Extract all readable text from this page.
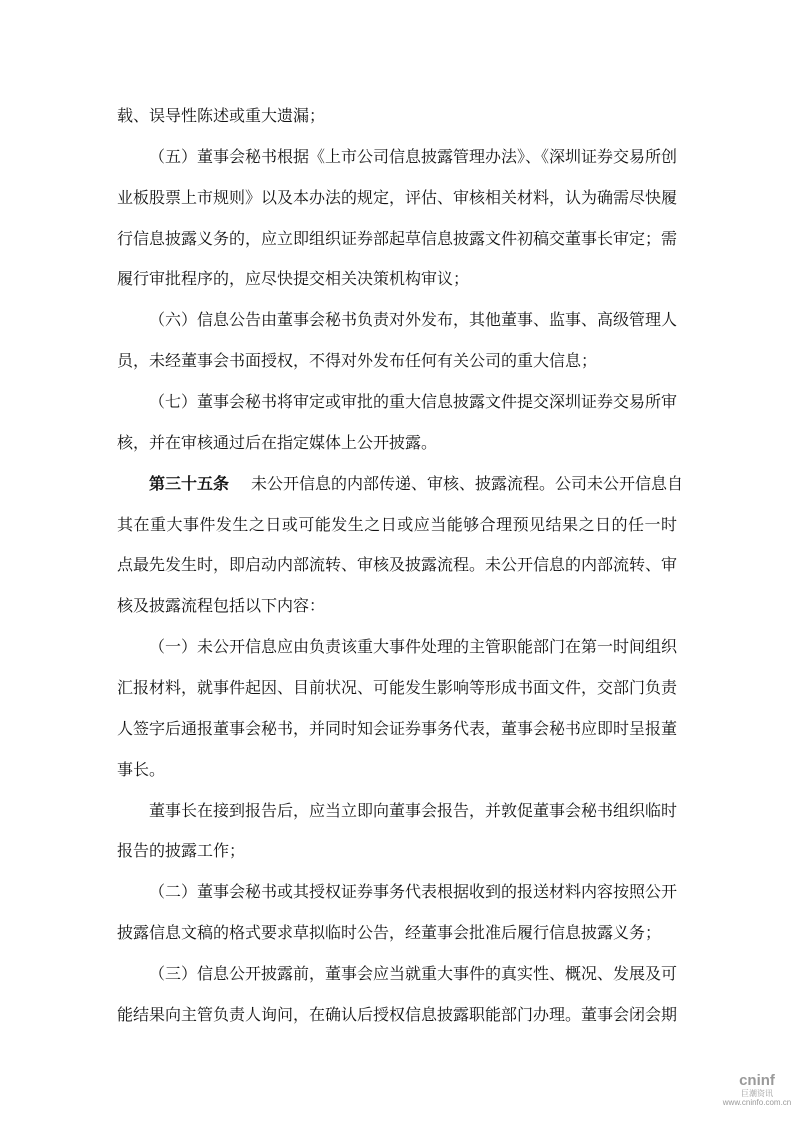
载、误导性陈述或重大遗漏；
（五）董事会秘书根据《上市公司信息披露管理办法》、《深圳证券交易所创
业板股票上市规则》以及本办法的规定，评估、审核相关材料，认为确需尽快履
行信息披露义务的，应立即组织证券部起草信息披露文件初稿交董事长审定；需
履行审批程序的，应尽快提交相关决策机构审议；
（六）信息公告由董事会秘书负责对外发布，其他董事、监事、高级管理人
员，未经董事会书面授权，不得对外发布任何有关公司的重大信息；
（七）董事会秘书将审定或审批的重大信息披露文件提交深圳证券交易所审
核，并在审核通过后在指定媒体上公开披露。
第三十五条 未公开信息的内部传递、审核、披露流程。公司未公开信息自
其在重大事件发生之日或可能发生之日或应当能够合理预见结果之日的任一时
点最先发生时，即启动内部流转、审核及披露流程。未公开信息的内部流转、审
核及披露流程包括以下内容：
（一）未公开信息应由负责该重大事件处理的主管职能部门在第一时间组织
汇报材料，就事件起因、目前状况、可能发生影响等形成书面文件，交部门负责
人签字后通报董事会秘书，并同时知会证券事务代表，董事会秘书应即时呈报董
事长。
董事长在接到报告后，应当立即向董事会报告，并敦促董事会秘书组织临时
报告的披露工作；
（二）董事会秘书或其授权证券事务代表根据收到的报送材料内容按照公开
披露信息文稿的格式要求草拟临时公告，经董事会批准后履行信息披露义务；
（三）信息公开披露前，董事会应当就重大事件的真实性、概况、发展及可
能结果向主管负责人询问，在确认后授权信息披露职能部门办理。董事会闭会期
cninf
巨潮资讯
www.cninfo.com.cn
